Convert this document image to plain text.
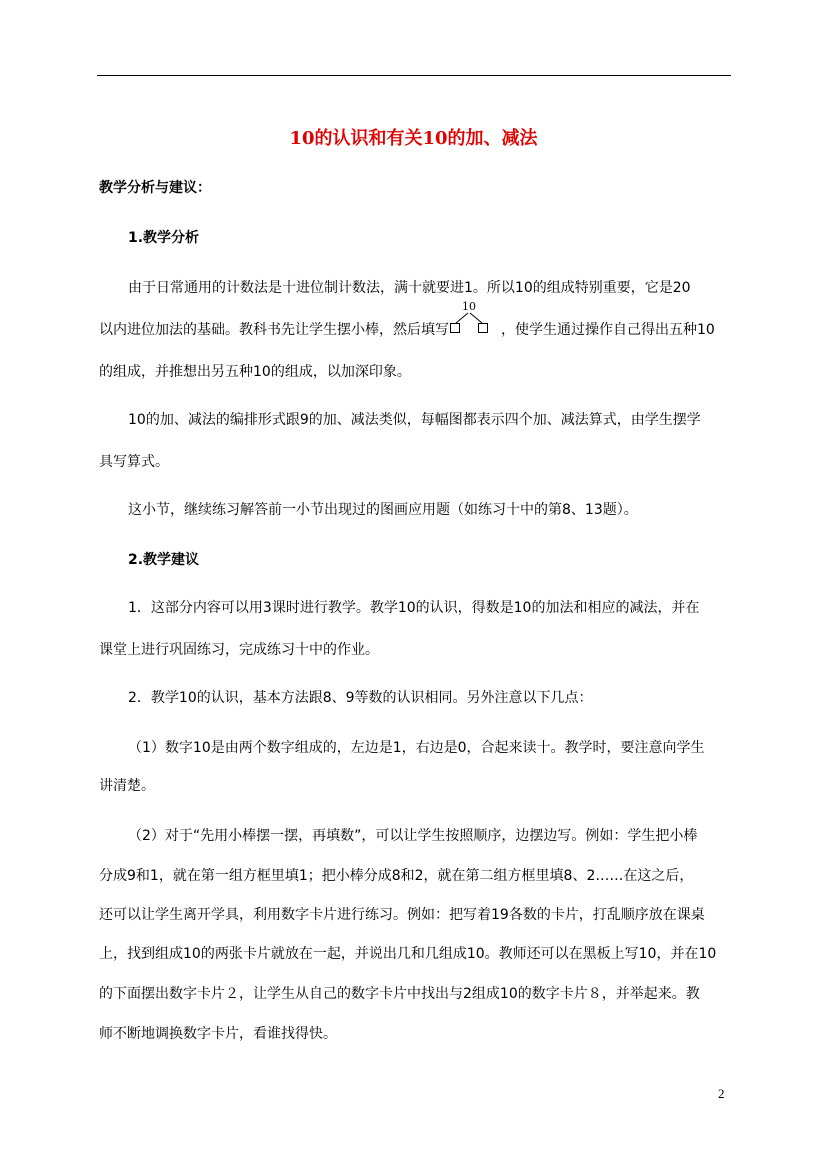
10的认识和有关10的加、减法
教学分析与建议：
1.教学分析
由于日常通用的计数法是十进位制计数法，满十就要进1。所以10的组成特别重要，它是20
以内进位加法的基础。教科书先让学生摆小棒，然后填写
10
，使学生通过操作自己得出五种10
的组成，并推想出另五种10的组成，以加深印象。
10的加、减法的编排形式跟9的加、减法类似，每幅图都表示四个加、减法算式，由学生摆学
具写算式。
这小节，继续练习解答前一小节出现过的图画应用题（如练习十中的第8、13题）。
2.教学建议
1．这部分内容可以用3课时进行教学。教学10的认识，得数是10的加法和相应的减法，并在
课堂上进行巩固练习，完成练习十中的作业。
2．教学10的认识，基本方法跟8、9等数的认识相同。另外注意以下几点：
（1）数字10是由两个数字组成的，左边是1，右边是0，合起来读十。教学时，要注意向学生
讲清楚。
（2）对于“先用小棒摆一摆，再填数”，可以让学生按照顺序，边摆边写。例如：学生把小棒
分成9和1，就在第一组方框里填1；把小棒分成8和2，就在第二组方框里填8、2……在这之后，
还可以让学生离开学具，利用数字卡片进行练习。例如：把写着19各数的卡片，打乱顺序放在课桌
上，找到组成10的两张卡片就放在一起，并说出几和几组成10。教师还可以在黑板上写10，并在10
的下面摆出数字卡片２，让学生从自己的数字卡片中找出与2组成10的数字卡片８，并举起来。教
师不断地调换数字卡片，看谁找得快。
2
